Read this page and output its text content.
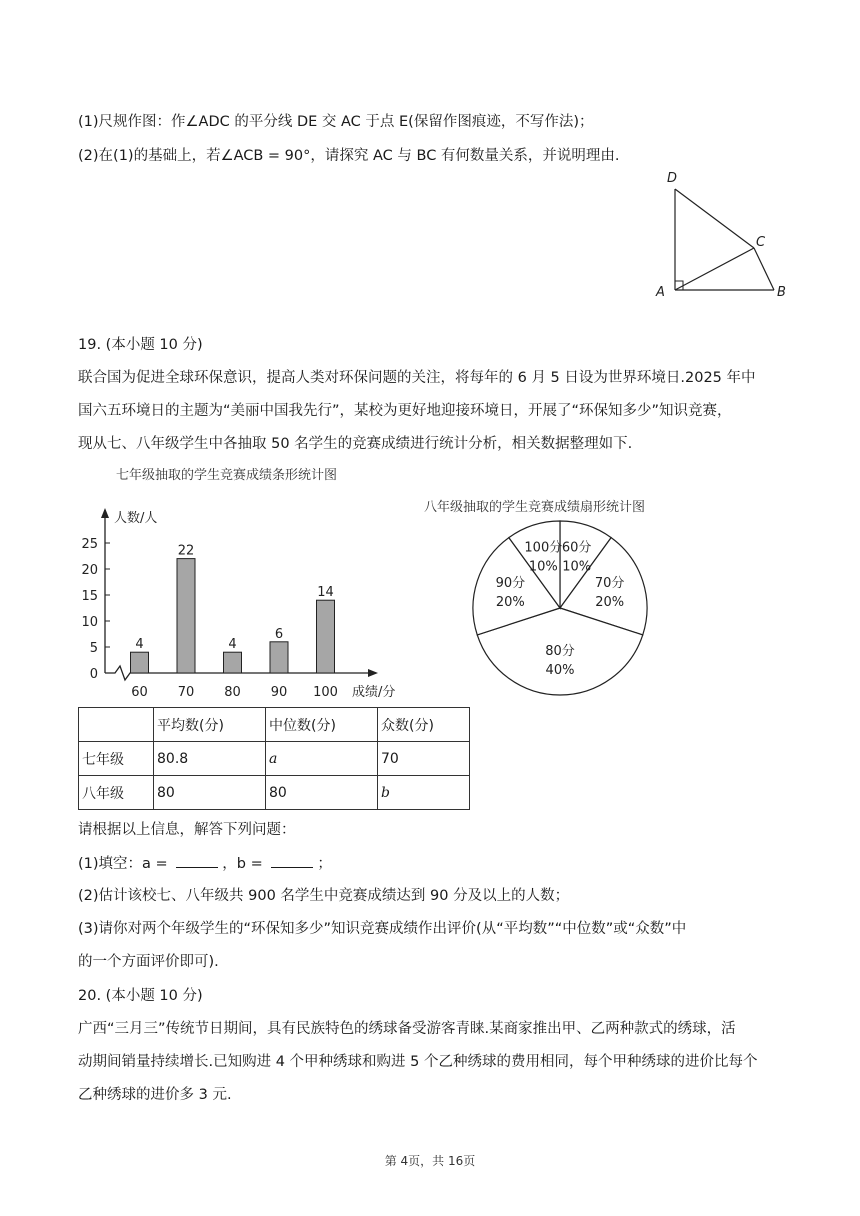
(1)尺规作图：作∠ADC 的平分线 DE 交 AC 于点 E(保留作图痕迹，不写作法)；
(2)在(1)的基础上，若∠ACB = 90°，请探究 AC 与 BC 有何数量关系，并说明理由.
D
C
A	B
19. (本小题 10 分)
联合国为促进全球环保意识，提高人类对环保问题的关注，将每年的 6 月 5 日设为世界环境日.2025 年中
国六五环境日的主题为“美丽中国我先行”，某校为更好地迎接环境日，开展了“环保知多少”知识竞赛，
现从七、八年级学生中各抽取 50 名学生的竞赛成绩进行统计分析，相关数据整理如下.
七年级抽取的学生竞赛成绩条形统计图
人数/人
成绩/分
0
5
10
15
20
25
4
60
22
70
4
80
6
90
14
100
八年级抽取的学生竞赛成绩扇形统计图
60分
10%
70分
20%
80分
40%
90分
20%
100分
10%
	平均数(分)	中位数(分)	众数(分)
七年级	80.8	a	70
八年级	80	80	b
请根据以上信息，解答下列问题：
(1)填空：a =	，b =	；
(2)估计该校七、八年级共 900 名学生中竞赛成绩达到 90 分及以上的人数；
(3)请你对两个年级学生的“环保知多少”知识竞赛成绩作出评价(从“平均数”“中位数”或“众数”中
的一个方面评价即可).
20. (本小题 10 分)
广西“三月三”传统节日期间，具有民族特色的绣球备受游客青睐.某商家推出甲、乙两种款式的绣球，活
动期间销量持续增长.已知购进 4 个甲种绣球和购进 5 个乙种绣球的费用相同，每个甲种绣球的进价比每个
乙种绣球的进价多 3 元.
第 4页，共 16页
